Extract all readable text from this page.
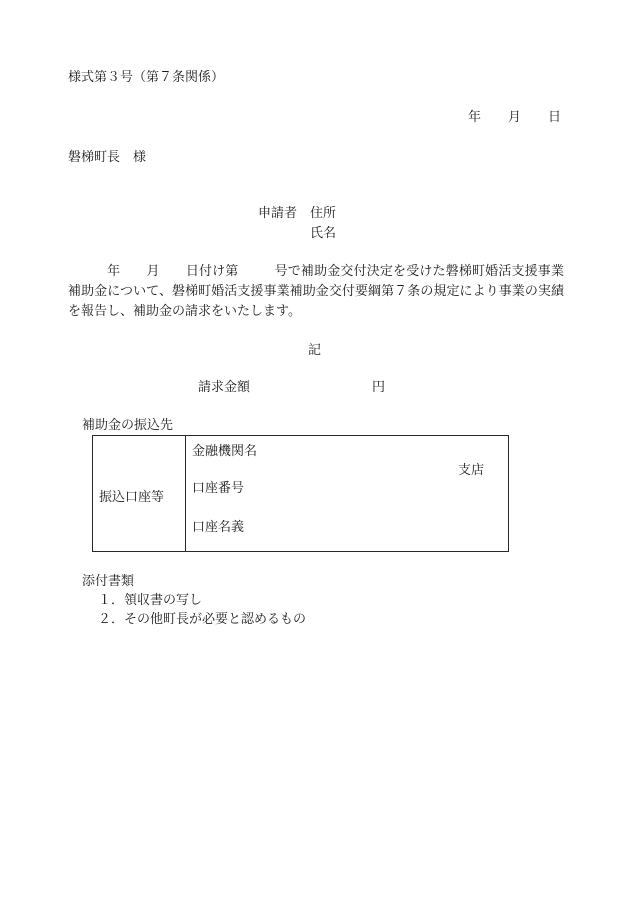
様式第３号（第７条関係）
年 月 日
磐梯町長　様
申請者 住所
氏名
年 月 日付け第	号で補助金交付決定を受けた磐梯町婚活支援事業補助金について、磐梯町婚活支援事業補助金交付要綱第７条の規定により事業の実績を報告し、補助金の請求をいたします。
記
請求金額	円
補助金の振込先
振込口座等

金融機関名
支店
口座番号
口座名義
添付書類
１．領収書の写し
２．その他町長が必要と認めるもの
